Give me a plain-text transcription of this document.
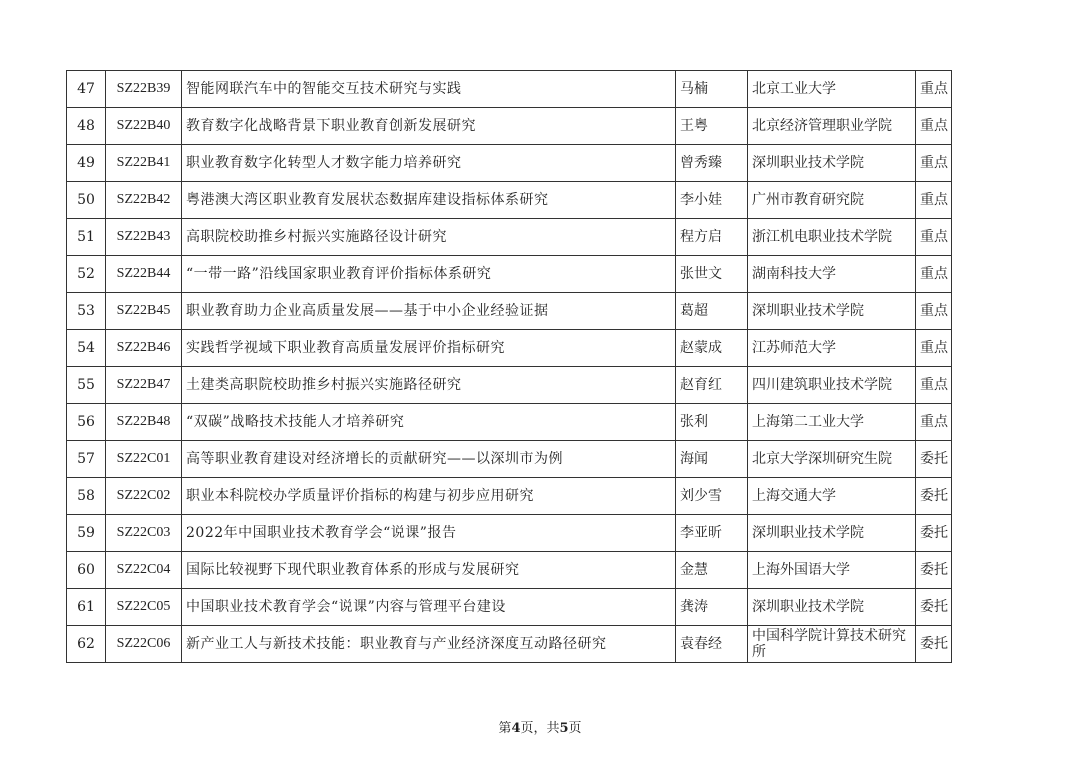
47	SZ22B39	智能网联汽车中的智能交互技术研究与实践	马楠	北京工业大学	重点
48	SZ22B40	教育数字化战略背景下职业教育创新发展研究	王粤	北京经济管理职业学院	重点
49	SZ22B41	职业教育数字化转型人才数字能力培养研究	曾秀臻	深圳职业技术学院	重点
50	SZ22B42	粤港澳大湾区职业教育发展状态数据库建设指标体系研究	李小娃	广州市教育研究院	重点
51	SZ22B43	高职院校助推乡村振兴实施路径设计研究	程方启	浙江机电职业技术学院	重点
52	SZ22B44	“一带一路”沿线国家职业教育评价指标体系研究	张世文	湖南科技大学	重点
53	SZ22B45	职业教育助力企业高质量发展——基于中小企业经验证据	葛超	深圳职业技术学院	重点
54	SZ22B46	实践哲学视域下职业教育高质量发展评价指标研究	赵蒙成	江苏师范大学	重点
55	SZ22B47	土建类高职院校助推乡村振兴实施路径研究	赵育红	四川建筑职业技术学院	重点
56	SZ22B48	“双碳”战略技术技能人才培养研究	张利	上海第二工业大学	重点
57	SZ22C01	高等职业教育建设对经济增长的贡献研究——以深圳市为例	海闻	北京大学深圳研究生院	委托
58	SZ22C02	职业本科院校办学质量评价指标的构建与初步应用研究	刘少雪	上海交通大学	委托
59	SZ22C03	2022年中国职业技术教育学会“说课”报告	李亚昕	深圳职业技术学院	委托
60	SZ22C04	国际比较视野下现代职业教育体系的形成与发展研究	金慧	上海外国语大学	委托
61	SZ22C05	中国职业技术教育学会“说课”内容与管理平台建设	龚涛	深圳职业技术学院	委托
62	SZ22C06	新产业工人与新技术技能：职业教育与产业经济深度互动路径研究	袁春经	中国科学院计算技术研究所	委托
第4页，共5页
